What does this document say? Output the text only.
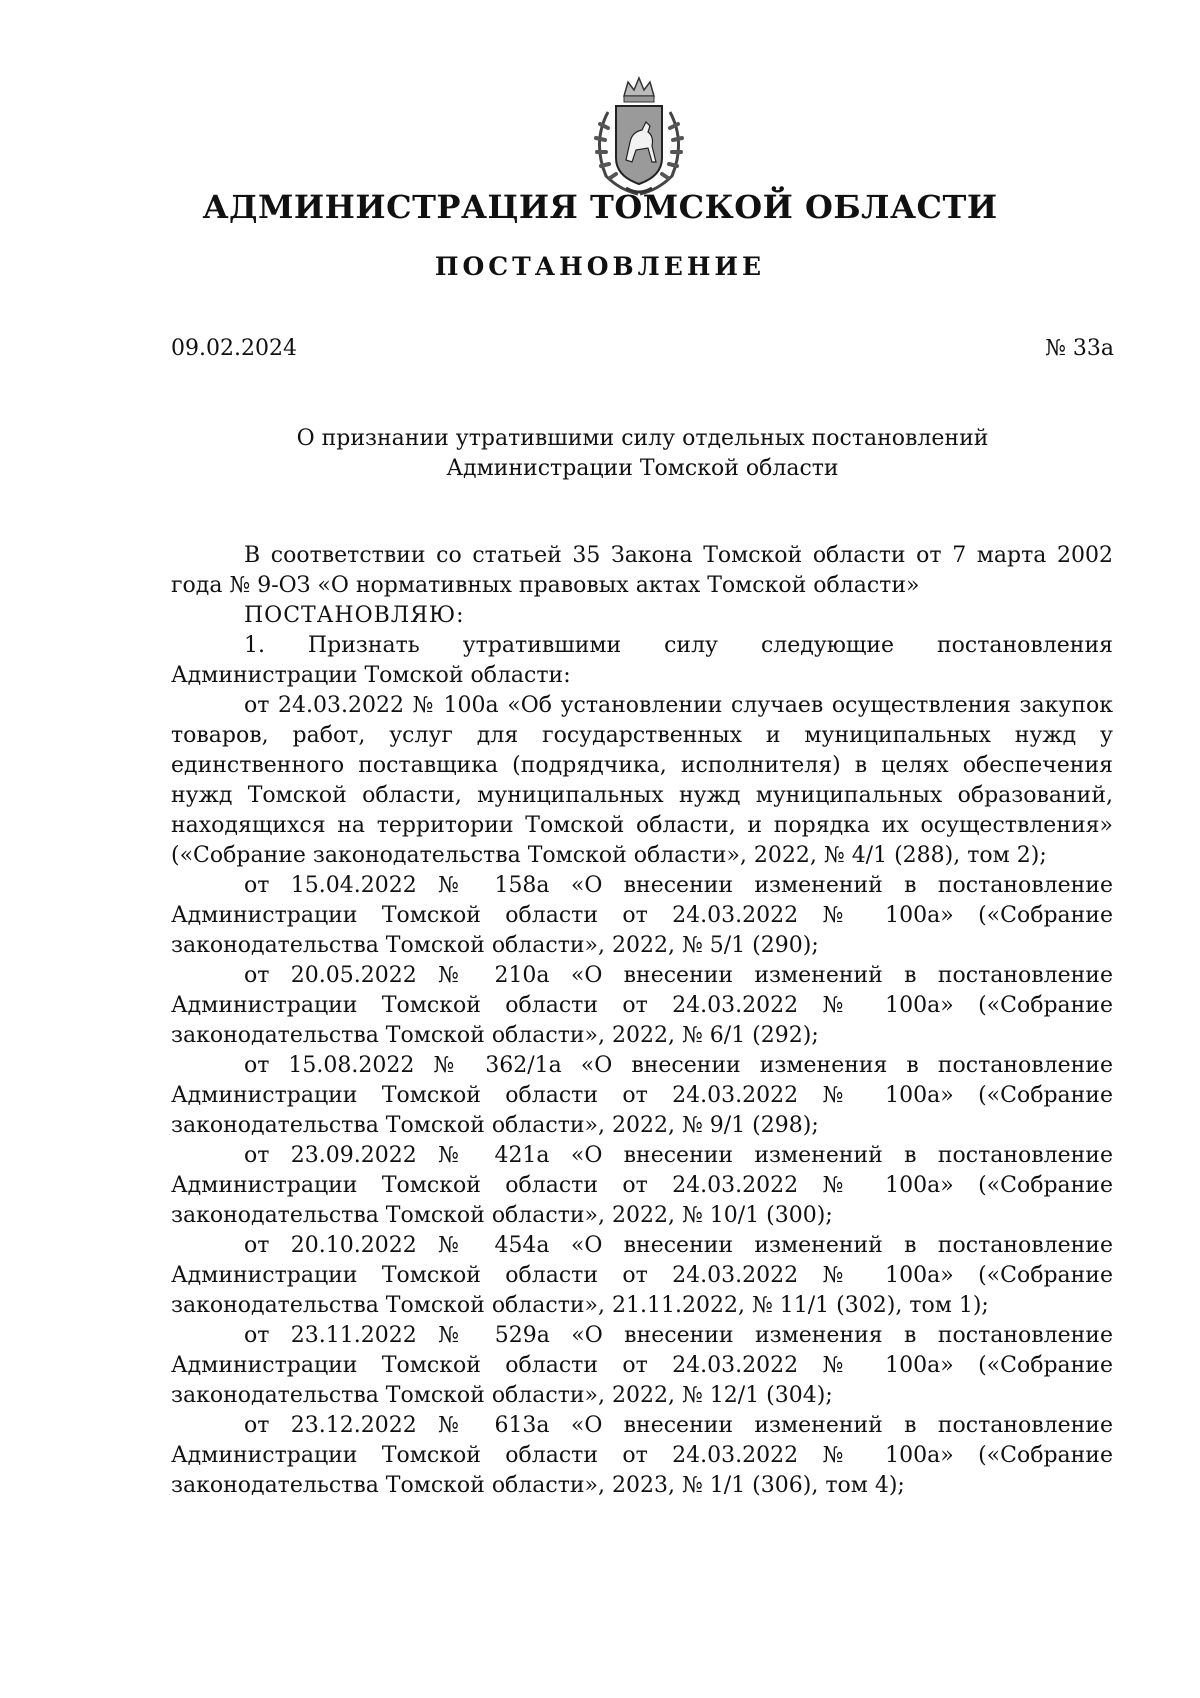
АДМИНИСТРАЦИЯ ТОМСКОЙ ОБЛАСТИ
ПОСТАНОВЛЕНИЕ
09.02.2024	№ 33a
О признании утратившими силу отдельных постановлений
Администрации Томской области

В соответствии со статьей 35 Закона Томской области от 7 марта 2002 года № 9-ОЗ «О нормативных правовых актах Томской области»

ПОСТАНОВЛЯЮ:

1. Признать утратившими силу следующие постановления Администрации Томской области:

от 24.03.2022 № 100а «Об установлении случаев осуществления закупок товаров, работ, услуг для государственных и муниципальных нужд у единственного поставщика (подрядчика, исполнителя) в целях обеспечения нужд Томской области, муниципальных нужд муниципальных образований, находящихся на территории Томской области, и порядка их осуществления» («Собрание законодательства Томской области», 2022, № 4/1 (288), том 2);

от 15.04.2022 № 158а «О внесении изменений в постановление Администрации Томской области от 24.03.2022 № 100а» («Собрание законодательства Томской области», 2022, № 5/1 (290);

от 20.05.2022 № 210а «О внесении изменений в постановление Администрации Томской области от 24.03.2022 № 100а» («Собрание законодательства Томской области», 2022, № 6/1 (292);

от 15.08.2022 № 362/1а «О внесении изменения в постановление Администрации Томской области от 24.03.2022 № 100а» («Собрание законодательства Томской области», 2022, № 9/1 (298);

от 23.09.2022 № 421а «О внесении изменений в постановление Администрации Томской области от 24.03.2022 № 100а» («Собрание законодательства Томской области», 2022, № 10/1 (300);

от 20.10.2022 № 454а «О внесении изменений в постановление Администрации Томской области от 24.03.2022 № 100а» («Собрание законодательства Томской области», 21.11.2022, № 11/1 (302), том 1);

от 23.11.2022 № 529а «О внесении изменения в постановление Администрации Томской области от 24.03.2022 № 100а» («Собрание законодательства Томской области», 2022, № 12/1 (304);

от 23.12.2022 № 613а «О внесении изменений в постановление Администрации Томской области от 24.03.2022 № 100а» («Собрание законодательства Томской области», 2023, № 1/1 (306), том 4);
